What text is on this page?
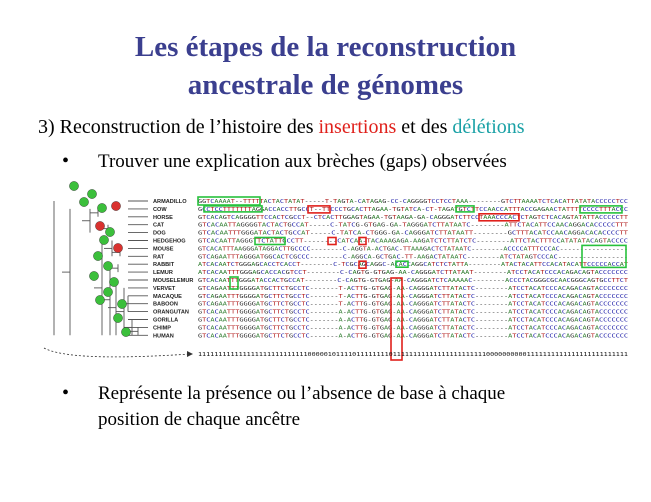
Les étapes de la reconstruction
ancestrale de génomes
3) Reconstruction de l’histoire des insertions et des délétions
• Trouver une explication aux brèches (gaps) observées
ARMADILLO
COW
HORSE
CAT
DOG
HEDGEHOG
MOUSE
RAT
RABBIT
LEMUR
MOUSELEMUR
VERVET
MACAQUE
BABOON
ORANGUTAN
GORILLA
CHIMP
HUMAN
GGTCAAAAT--TTTTTACTACTATAT-----T-TAGTA-CATAGAG-CC-CAGGGGTCCTCCTAAA--------GTCTTAAAATCTCACATTATATACCCCCTCC
GCCTCCTTTTTTTAGGACCACCTTGCCT--TTCCCTGCACTTAGAA-TGTATCA-CT-TAGATGTCTTCCAACCATTTACCGAGAACTATTTTCCCCTTTACCC
GTCACAGTCAGGGGTTCCACTCGCCT--CTCACTTGGAGTAGAA-TGTAAGA-GA-CAGGGATCTTCCTAAACCCACTCTAGTCTCACAGTATATTACCCCCTT
GTCACAATTAGGGGTACTACTGCCAT-----C-TATCG-GTGAG-GA-TAGGGATCTTATAATC--------ATTCTACATTCCAACAGGACACCCCCTTT
GTCACAATTTGGGATACTACTGCCAT-----C-TATCA-CTGGG-GA-CAGGGATCTTATAATT--------GCTTTACATCCAACAGGACACACCCCTT
GTCACAATTAGGGTTCTATTGCCTT--------CATCAA-TACAAAGAGA-AAGATCTCTTATCTC--------ATTCTACTTTCCATATATACAGTACCCC
GTCACATTTAAGGGATAGGACTTGCCCC--------C-AGGTA-ACTGAC-TTAAAGACTCTATAATC--------ACCCCATTTCCCAC-----------------
GTCAGAATTTAGGGATGGCACTCGCCC--------C-AGGCA-GCTGAC-TT-AAGACTATAATC--------ATCTATAGTCCCAC-----------------
ATCACAATCTGGGAGCACCTCACCT--------C-TCGCAGCAGGC-ACACCAGGCATCTCTATTA--------ATACTACATTCCACATACATTCCCCCACCAT
ATCACAATTTGGGAGCACCACGTCCT--------C-CAGTG-GTGAG-AA-CAGGGATCTTATAAT--------ATCCTACATCCCACAGACAGTACCCCCCC
GTCACAATTTGGGATACCACTGCCAT--------C-CAGTG-GTGAG-AA-CAGGGATCTCAAAAAC--------ACCCTACGGGCGCAACGGGCAGTGCCTTCT
GTCAGAATTTGGGGATGCTTCTGCCTC-------T-ACTTG-GTGAG-AA-CAGGGATCTTATACTC--------ATCCTACATCCCACAGACAGTACCCCCCC
GTCAGAATTTGGGGATGCTTCTGCCTC-------T-ACTTG-GTGAG-AA-CAGGGATCTTATACTC--------ATCCTACATCCCACAGACAGTACCCCCCC
GTCAGAATTTGGGGATGCTTCTGCCTC-------T-ACTTG-GTGAG-AA-CAGGGATCTTATACTC--------ATCCTACATCCCACAGACAGTACCCCCCC
GTCACAATTTGGGGATGCTTCTGCCTC-------A-ACTTG-GTGAG-AA-CAGGGATCTTATACTC--------ATCCTACATCCCACAGACAGTACCCCCCC
GTCACAATTTGGGGATGCTTCTGCCTC-------A-ACTTG-GTGAG-AA-CAGGGATCTTATACTC--------ATCCTACATCCCACAGACAGTACCCCCCC
GTCACAATTTGGGGATGCTTCTGCCTC-------A-ACTTG-GTGAG-AA-CAGGGATCTTATACTC--------ATCCTACATCCCACAGACAGTACCCCCCC
GTCACAATTTGGGGATGCTTCTGCCTC-------A-ACTTG-GTGAG-AA-CAGGGATCTTATACTC--------ATCCTACATCCCACAGACAGTACCCCCCC
1111111111111111111111111110000010111101111111101111111111111111111111100000000001111111111111111111111111
• Représente la présence ou l’absence de base à chaque
position de chaque ancêtre
